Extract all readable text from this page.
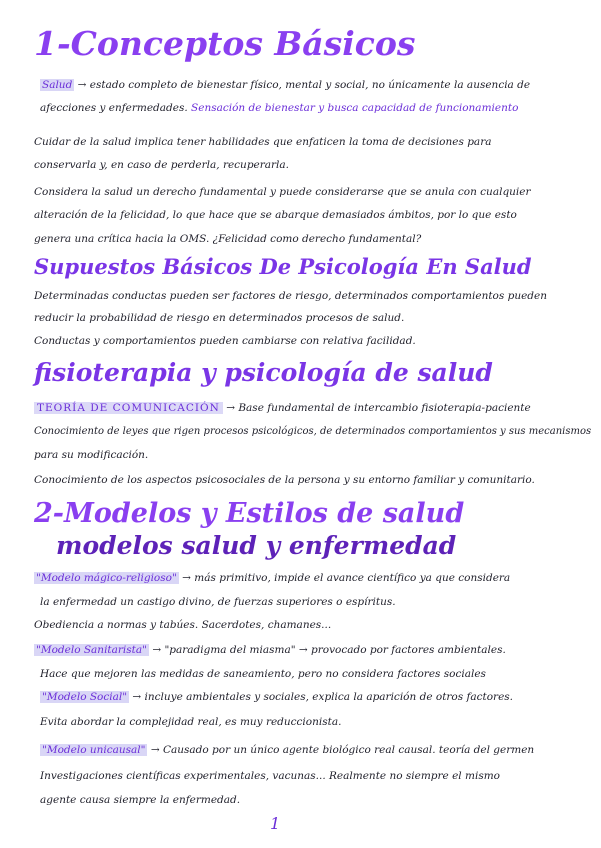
1-Conceptos Básicos
Salud → estado completo de bienestar físico, mental y social, no únicamente la ausencia de
afecciones y enfermedades. Sensación de bienestar y busca capacidad de funcionamiento
Cuidar de la salud implica tener habilidades que enfaticen la toma de decisiones para
conservarla y, en caso de perderla, recuperarla.
Considera la salud un derecho fundamental y puede considerarse que se anula con cualquier
alteración de la felicidad, lo que hace que se abarque demasiados ámbitos, por lo que esto
genera una crítica hacia la OMS. ¿Felicidad como derecho fundamental?
Supuestos Básicos De Psicología En Salud
Determinadas conductas pueden ser factores de riesgo, determinados comportamientos pueden
reducir la probabilidad de riesgo en determinados procesos de salud.
Conductas y comportamientos pueden cambiarse con relativa facilidad.
fisioterapia y psicología de salud
TEORÍA DE COMUNICACIÓN → Base fundamental de intercambio fisioterapia-paciente
Conocimiento de leyes que rigen procesos psicológicos, de determinados comportamientos y sus mecanismos
para su modificación.
Conocimiento de los aspectos psicosociales de la persona y su entorno familiar y comunitario.
2-Modelos y Estilos de salud
modelos salud y enfermedad
"Modelo mágico-religioso" → más primitivo, impide el avance científico ya que considera
la enfermedad un castigo divino, de fuerzas superiores o espíritus.
Obediencia a normas y tabúes. Sacerdotes, chamanes...
"Modelo Sanitarista" → "paradigma del miasma" → provocado por factores ambientales.
Hace que mejoren las medidas de saneamiento, pero no considera factores sociales
"Modelo Social" → incluye ambientales y sociales, explica la aparición de otros factores.
Evita abordar la complejidad real, es muy reduccionista.
"Modelo unicausal" → Causado por un único agente biológico real causal. teoría del germen
Investigaciones científicas experimentales, vacunas... Realmente no siempre el mismo
agente causa siempre la enfermedad.
1
